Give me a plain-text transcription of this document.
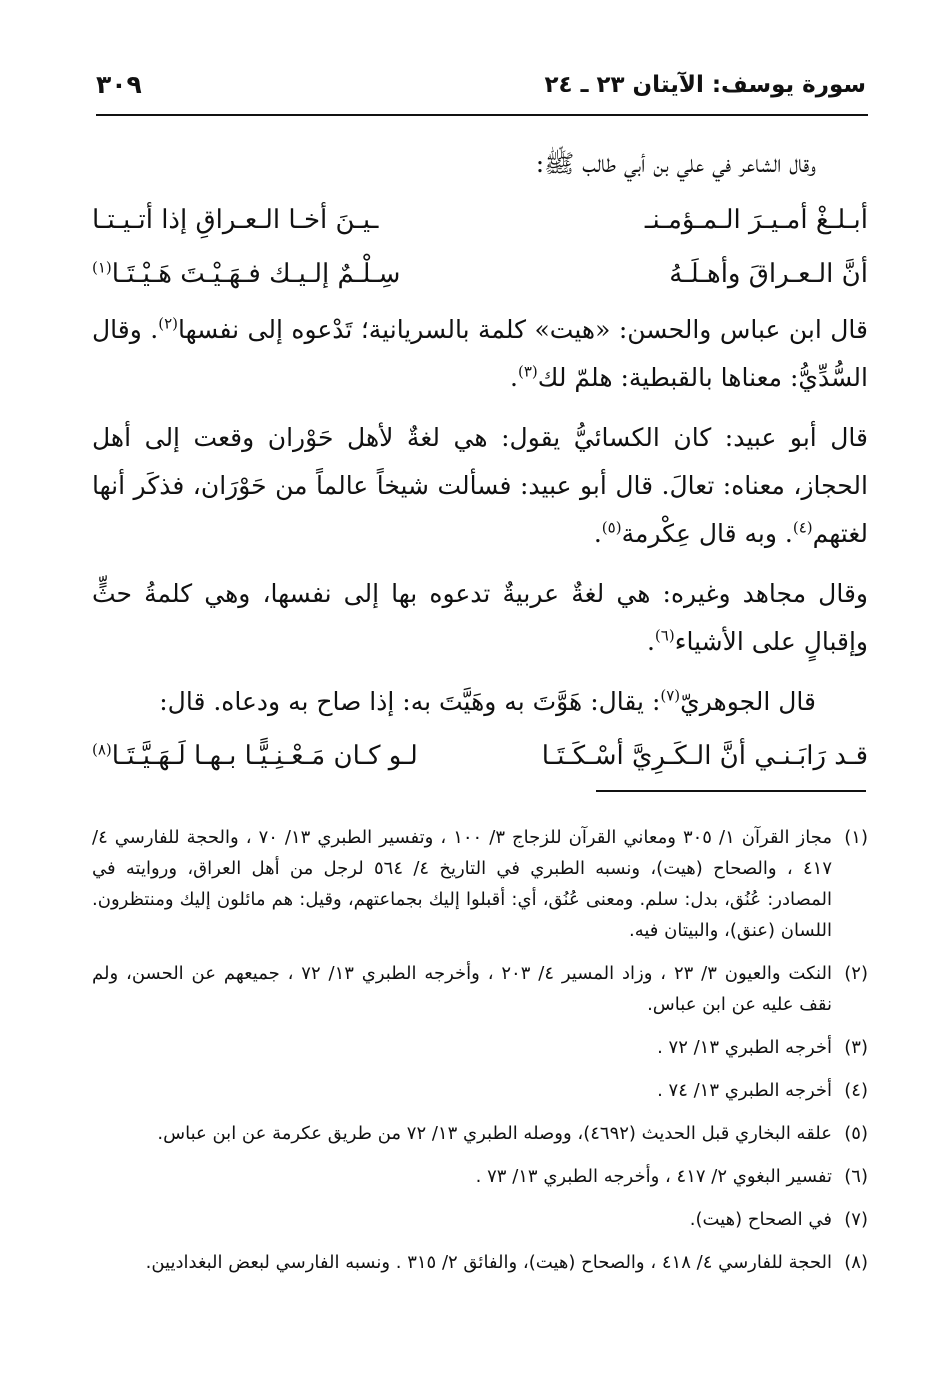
سورة يوسف: الآيتان ٢٣ ـ ٢٤
٣٠٩

وقال الشاعر في علي بن أبي طالب ﷺ:

أبـلـغْ أمـيـرَ الـمـؤمـنـ
ـيـنَ أخـا الـعـراقِ إذا أتـيـتـا
أنَّ الـعـراقَ وأهـلَـهُ
سِـلْـمٌ إلـيـك فـهَـيْـتَ هَـيْـتَـا$^{(١)}$

قال ابن عباس والحسن: «هيت» كلمة بالسريانية؛ تَدْعوه إلى نفسها$^{(٢)}$. وقال السُّدِّيُّ: معناها بالقبطية: هلمّ لك$^{(٣)}$.

قال أبو عبيد: كان الكسائيُّ يقول: هي لغةٌ لأهل حَوْران وقعت إلى أهل الحجاز، معناه: تعالَ. قال أبو عبيد: فسألت شيخاً عالماً من حَوْرَان، فذكَر أنها لغتهم$^{(٤)}$. وبه قال عِكْرمة$^{(٥)}$.

وقال مجاهد وغيره: هي لغةٌ عربيةٌ تدعوه بها إلى نفسها، وهي كلمةُ حثٍّ وإقبالٍ على الأشياء$^{(٦)}$.

قال الجوهريّ$^{(٧)}$: يقال: هَوَّتَ به وهَيَّتَ به: إذا صاح به ودعاه. قال:

قـد رَابَـنـي أنَّ الـكَـرِيَّ أسْـكَـتَـا
لـو كـان مَـعْـنِـيًّـا بـهـا لَـهَـيَّـتَـا$^{(٨)}$

(١)
مجاز القرآن ١/ ٣٠٥ ومعاني القرآن للزجاج ٣/ ١٠٠ ، وتفسير الطبري ١٣/ ٧٠ ، والحجة للفارسي ٤/ ٤١٧ ، والصحاح (هيت)، ونسبه الطبري في التاريخ ٤/ ٥٦٤ لرجل من أهل العراق، وروايته في المصادر: عُنُق، بدل: سلم. ومعنى عُنُق، أي: أقبلوا إليك بجماعتهم، وقيل: هم مائلون إليك ومنتظرون. اللسان (عنق)، والبيتان فيه.

(٢)
النكت والعيون ٣/ ٢٣ ، وزاد المسير ٤/ ٢٠٣ ، وأخرجه الطبري ١٣/ ٧٢ ، جميعهم عن الحسن، ولم نقف عليه عن ابن عباس.

(٣)
أخرجه الطبري ١٣/ ٧٢ .

(٤)
أخرجه الطبري ١٣/ ٧٤ .

(٥)
علقه البخاري قبل الحديث (٤٦٩٢)، ووصله الطبري ١٣/ ٧٢ من طريق عكرمة عن ابن عباس.

(٦)
تفسير البغوي ٢/ ٤١٧ ، وأخرجه الطبري ١٣/ ٧٣ .

(٧)
في الصحاح (هيت).

(٨)
الحجة للفارسي ٤/ ٤١٨ ، والصحاح (هيت)، والفائق ٢/ ٣١٥ . ونسبه الفارسي لبعض البغداديين.
